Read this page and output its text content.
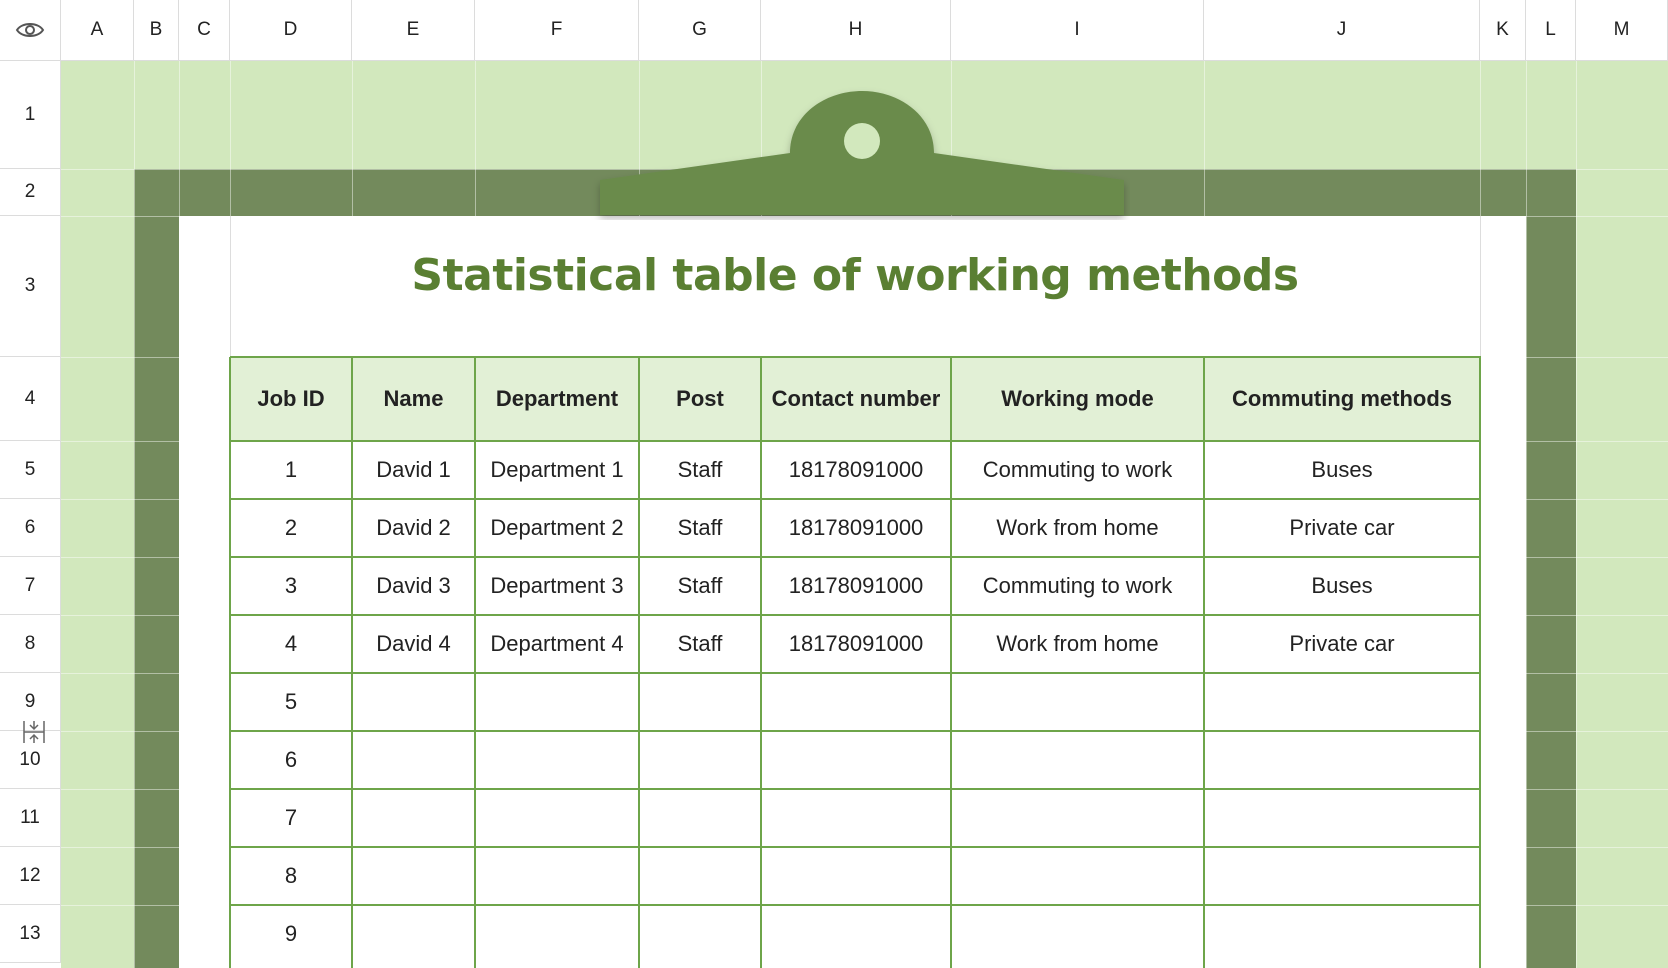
Statistical table of working methods
Job ID	Name	Department	Post	Contact number	Working mode	Commuting methods
1	David 1	Department 1	Staff	18178091000	Commuting to work	Buses
2	David 2	Department 2	Staff	18178091000	Work from home	Private car
3	David 3	Department 3	Staff	18178091000	Commuting to work	Buses
4	David 4	Department 4	Staff	18178091000	Work from home	Private car
5
6
7
8
9
A	B	C	D	E	F	G	H	I	J	K	L	M
1
2
3
4
5
6
7
8
9
10
11
12
13
